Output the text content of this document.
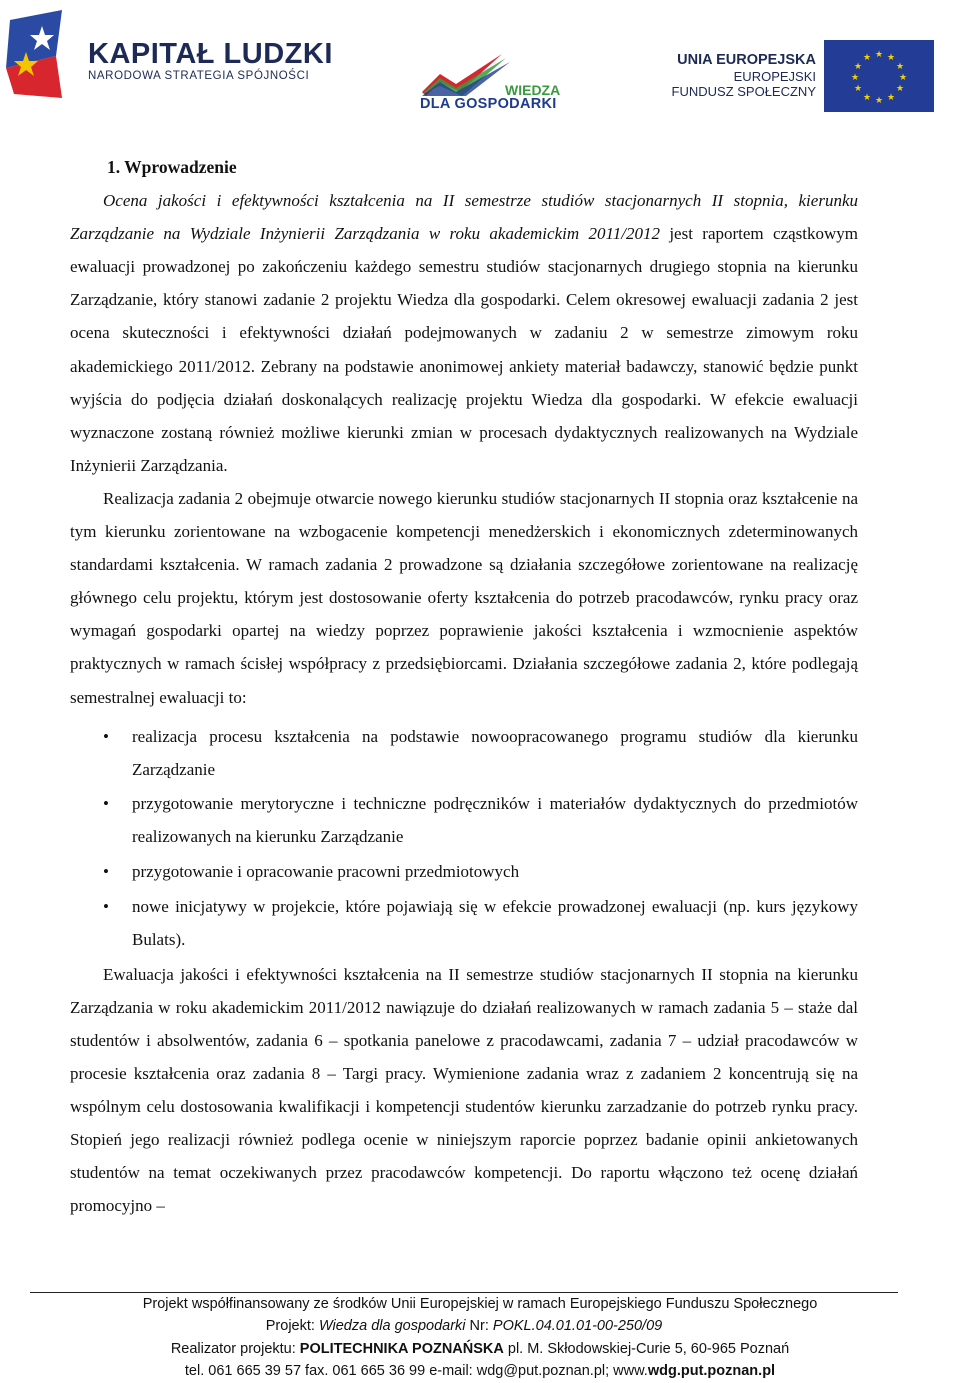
KAPITAŁ LUDZKI
NARODOWA STRATEGIA SPÓJNOŚCI
WIEDZA
DLA GOSPODARKI
UNIA EUROPEJSKA
EUROPEJSKI
FUNDUSZ SPOŁECZNY
★ ★
★
★
★
★
★
★
★
★
★
★
1. Wprowadzenie

Ocena jakości i efektywności kształcenia na II semestrze studiów stacjonarnych II stopnia, kierunku Zarządzanie na Wydziale Inżynierii Zarządzania w roku akademickim 2011/2012 jest raportem cząstkowym ewaluacji prowadzonej po zakończeniu każdego semestru studiów stacjonarnych drugiego stopnia na kierunku Zarządzanie, który stanowi zadanie 2 projektu Wiedza dla gospodarki. Celem okresowej ewaluacji zadania 2 jest ocena skuteczności i efektywności działań podejmowanych w zadaniu 2 w semestrze zimowym roku akademickiego 2011/2012. Zebrany na podstawie anonimowej ankiety materiał badawczy, stanowić będzie punkt wyjścia do podjęcia działań doskonalących realizację projektu Wiedza dla gospodarki. W efekcie ewaluacji wyznaczone zostaną również możliwe kierunki zmian w procesach dydaktycznych realizowanych na Wydziale Inżynierii Zarządzania.

Realizacja zadania 2 obejmuje otwarcie nowego kierunku studiów stacjonarnych II stopnia oraz kształcenie na tym kierunku zorientowane na wzbogacenie kompetencji menedżerskich i ekonomicznych zdeterminowanych standardami kształcenia. W ramach zadania 2 prowadzone są działania szczegółowe zorientowane na realizację głównego celu projektu, którym jest dostosowanie oferty kształcenia do potrzeb pracodawców, rynku pracy oraz wymagań gospodarki opartej na wiedzy poprzez poprawienie jakości kształcenia i wzmocnienie aspektów praktycznych w ramach ścisłej współpracy z przedsiębiorcami. Działania szczegółowe zadania 2, które podlegają semestralnej ewaluacji to:

• realizacja procesu kształcenia na podstawie nowoopracowanego programu studiów dla kierunku Zarządzanie
• przygotowanie merytoryczne i techniczne podręczników i materiałów dydaktycznych do przedmiotów realizowanych na kierunku Zarządzanie
• przygotowanie i opracowanie pracowni przedmiotowych
• nowe inicjatywy w projekcie, które pojawiają się w efekcie prowadzonej ewaluacji (np. kurs językowy Bulats).

Ewaluacja jakości i efektywności kształcenia na II semestrze studiów stacjonarnych II stopnia na kierunku Zarządzania w roku akademickim 2011/2012 nawiązuje do działań realizowanych w ramach zadania 5 – staże dal studentów i absolwentów, zadania 6 – spotkania panelowe z pracodawcami, zadania 7 – udział pracodawców w procesie kształcenia oraz zadania 8 – Targi pracy. Wymienione zadania wraz z zadaniem 2 koncentrują się na wspólnym celu dostosowania kwalifikacji i kompetencji studentów kierunku zarzadzanie do potrzeb rynku pracy. Stopień jego realizacji również podlega ocenie w niniejszym raporcie poprzez badanie opinii ankietowanych studentów na temat oczekiwanych przez pracodawców kompetencji. Do raportu włączono też ocenę działań promocyjno –

Projekt współfinansowany ze środków Unii Europejskiej w ramach Europejskiego Funduszu Społecznego
Projekt: Wiedza dla gospodarki Nr: POKL.04.01.01-00-250/09
Realizator projektu: POLITECHNIKA POZNAŃSKA pl. M. Skłodowskiej-Curie 5, 60-965 Poznań
tel. 061 665 39 57 fax. 061 665 36 99 e-mail: wdg@put.poznan.pl; www.wdg.put.poznan.pl
